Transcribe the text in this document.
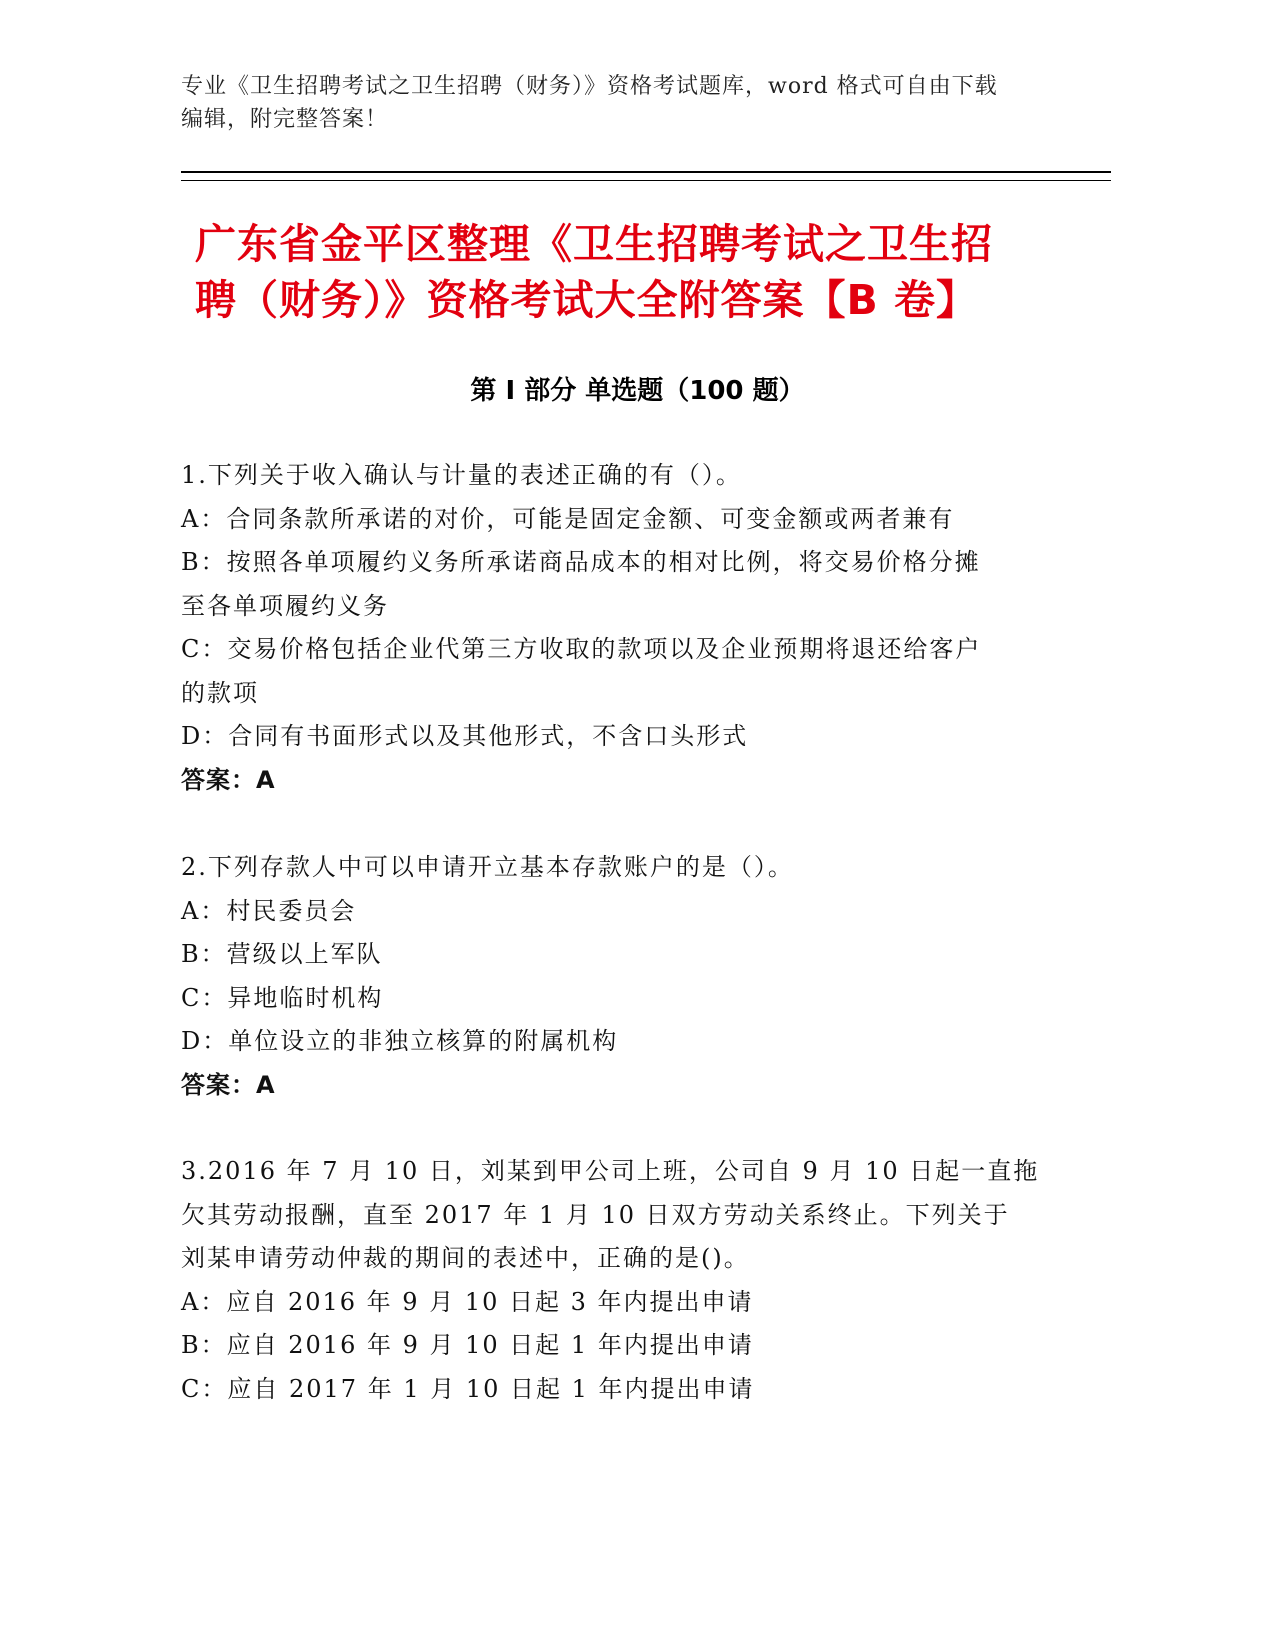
专业《卫生招聘考试之卫生招聘（财务）》资格考试题库，word 格式可自由下载
编辑，附完整答案！
广东省金平区整理《卫生招聘考试之卫生招
聘（财务）》资格考试大全附答案【B 卷】
第 I 部分 单选题（100 题）
1.下列关于收入确认与计量的表述正确的有（）。
A：合同条款所承诺的对价，可能是固定金额、可变金额或两者兼有
B：按照各单项履约义务所承诺商品成本的相对比例，将交易价格分摊
至各单项履约义务
C：交易价格包括企业代第三方收取的款项以及企业预期将退还给客户
的款项
D：合同有书面形式以及其他形式，不含口头形式
答案：A
2.下列存款人中可以申请开立基本存款账户的是（）。
A：村民委员会
B：营级以上军队
C：异地临时机构
D：单位设立的非独立核算的附属机构
答案：A
3.2016 年 7 月 10 日，刘某到甲公司上班，公司自 9 月 10 日起一直拖
欠其劳动报酬，直至 2017 年 1 月 10 日双方劳动关系终止。下列关于
刘某申请劳动仲裁的期间的表述中，正确的是()。
A：应自 2016 年 9 月 10 日起 3 年内提出申请
B：应自 2016 年 9 月 10 日起 1 年内提出申请
C：应自 2017 年 1 月 10 日起 1 年内提出申请
